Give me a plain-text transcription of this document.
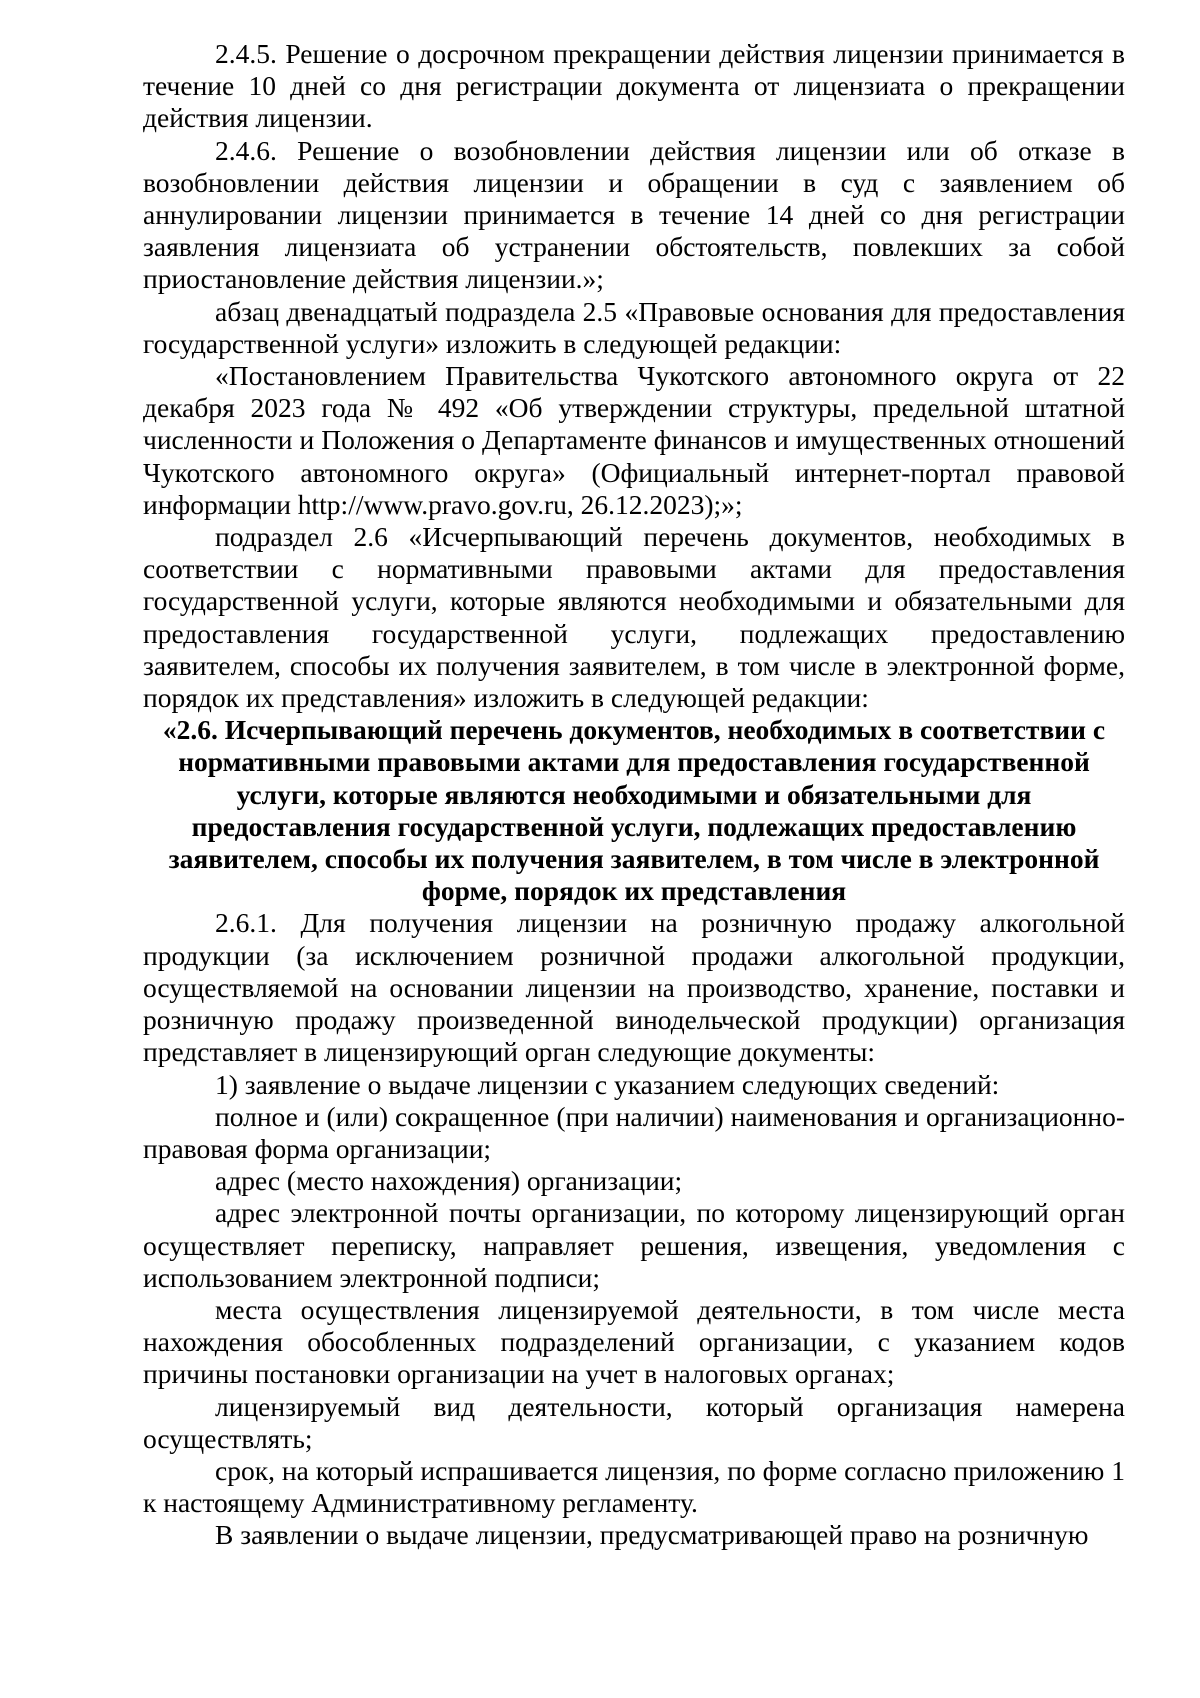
2.4.5. Решение о досрочном прекращении действия лицензии принимается в течение 10 дней со дня регистрации документа от лицензиата о прекращении действия лицензии.

2.4.6. Решение о возобновлении действия лицензии или об отказе в возобновлении действия лицензии и обращении в суд с заявлением об аннулировании лицензии принимается в течение 14 дней со дня регистрации заявления лицензиата об устранении обстоятельств, повлекших за собой приостановление действия лицензии.»;

абзац двенадцатый подраздела 2.5 «Правовые основания для предоставления государственной услуги» изложить в следующей редакции:

«Постановлением Правительства Чукотского автономного округа от 22 декабря 2023 года № 492 «Об утверждении структуры, предельной штатной численности и Положения о Департаменте финансов и имущественных отношений Чукотского автономного округа» (Официальный интернет-портал правовой информации http://www.pravo.gov.ru, 26.12.2023);»;

подраздел 2.6 «Исчерпывающий перечень документов, необходимых в соответствии с нормативными правовыми актами для предоставления государственной услуги, которые являются необходимыми и обязательными для предоставления государственной услуги, подлежащих предоставлению заявителем, способы их получения заявителем, в том числе в электронной форме, порядок их представления» изложить в следующей редакции:

«2.6. Исчерпывающий перечень документов, необходимых в соответствии с нормативными правовыми актами для предоставления государственной услуги, которые являются необходимыми и обязательными для предоставления государственной услуги, подлежащих предоставлению заявителем, способы их получения заявителем, в том числе в электронной форме, порядок их представления

2.6.1. Для получения лицензии на розничную продажу алкогольной продукции (за исключением розничной продажи алкогольной продукции, осуществляемой на основании лицензии на производство, хранение, поставки и розничную продажу произведенной винодельческой продукции) организация представляет в лицензирующий орган следующие документы:

1) заявление о выдаче лицензии с указанием следующих сведений:

полное и (или) сокращенное (при наличии) наименования и организационно-правовая форма организации;

адрес (место нахождения) организации;

адрес электронной почты организации, по которому лицензирующий орган осуществляет переписку, направляет решения, извещения, уведомления с использованием электронной подписи;

места осуществления лицензируемой деятельности, в том числе места нахождения обособленных подразделений организации, с указанием кодов причины постановки организации на учет в налоговых органах;

лицензируемый вид деятельности, который организация намерена осуществлять;

срок, на который испрашивается лицензия, по форме согласно приложению 1 к настоящему Административному регламенту.

В заявлении о выдаче лицензии, предусматривающей право на розничную
